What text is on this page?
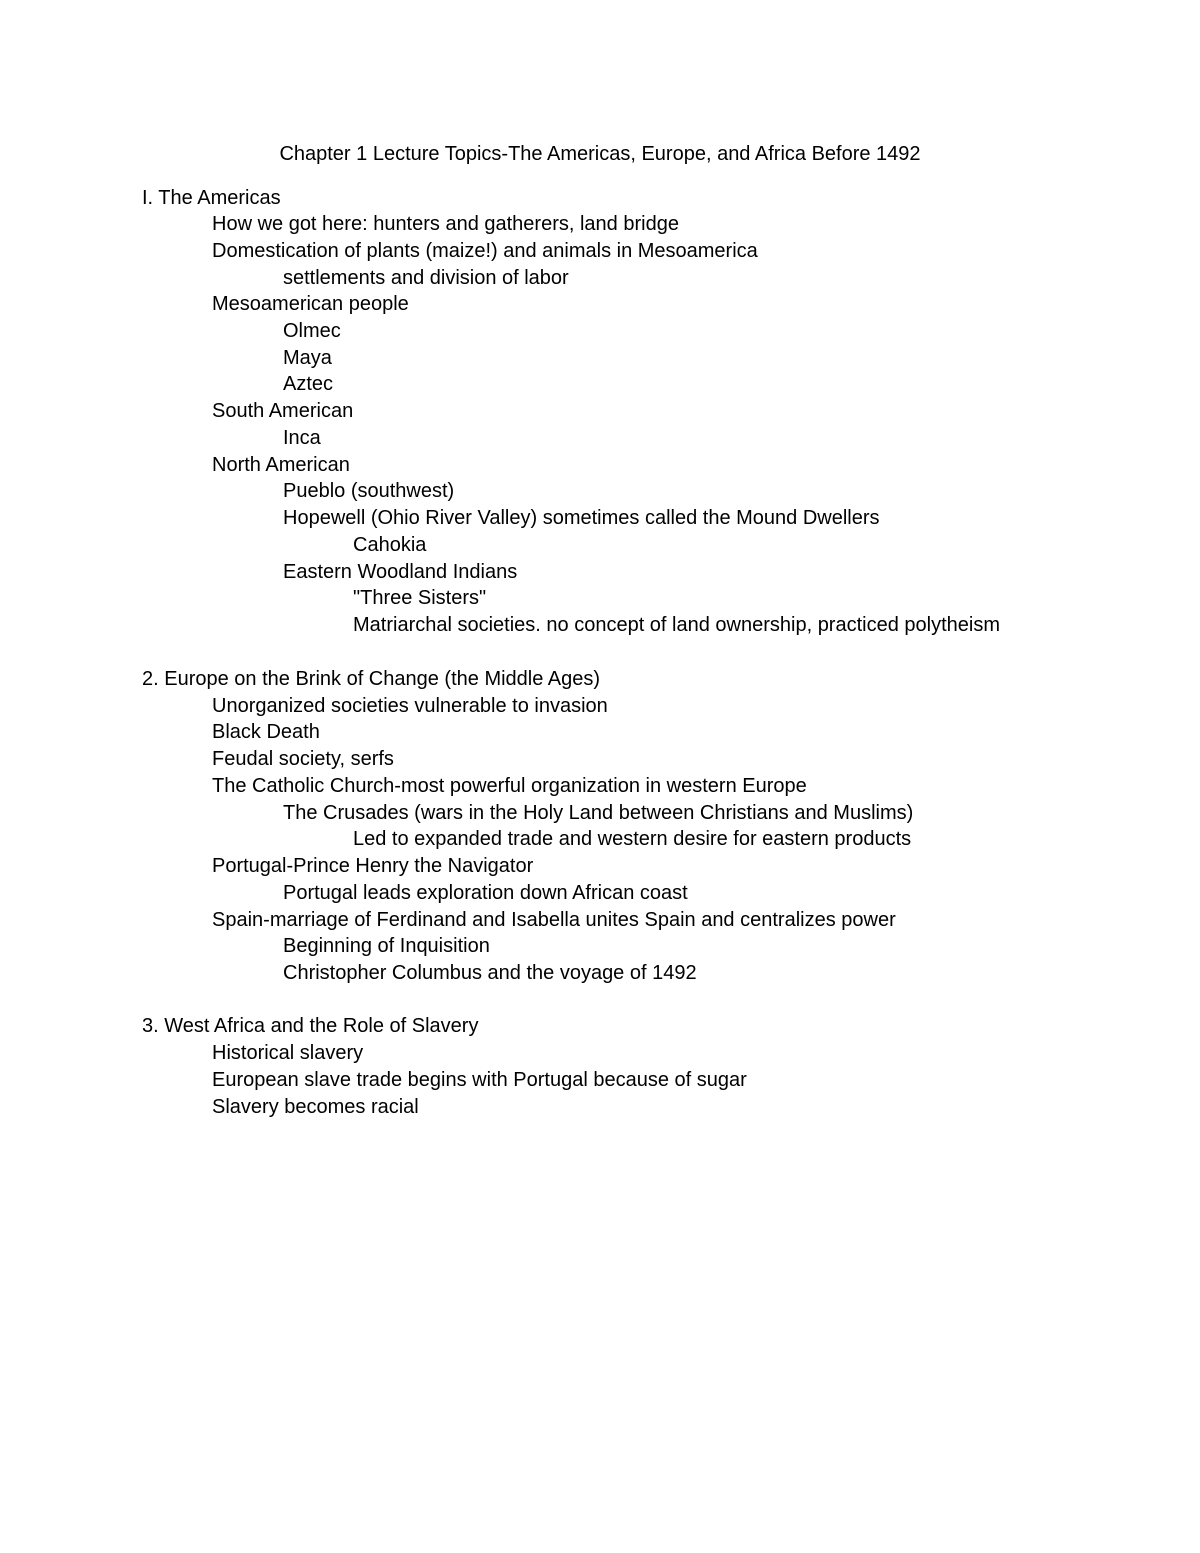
Chapter 1 Lecture Topics-The Americas, Europe, and Africa Before 1492
I. The Americas
How we got here: hunters and gatherers, land bridge
Domestication of plants (maize!) and animals in Mesoamerica
settlements and division of labor
Mesoamerican people
Olmec
Maya
Aztec
South American
Inca
North American
Pueblo (southwest)
Hopewell (Ohio River Valley) sometimes called the Mound Dwellers
Cahokia
Eastern Woodland Indians
"Three Sisters"
Matriarchal societies. no concept of land ownership, practiced polytheism
2. Europe on the Brink of Change (the Middle Ages)
Unorganized societies vulnerable to invasion
Black Death
Feudal society, serfs
The Catholic Church-most powerful organization in western Europe
The Crusades (wars in the Holy Land between Christians and Muslims)
Led to expanded trade and western desire for eastern products
Portugal-Prince Henry the Navigator
Portugal leads exploration down African coast
Spain-marriage of Ferdinand and Isabella unites Spain and centralizes power
Beginning of Inquisition
Christopher Columbus and the voyage of 1492
3. West Africa and the Role of Slavery
Historical slavery
European slave trade begins with Portugal because of sugar
Slavery becomes racial
